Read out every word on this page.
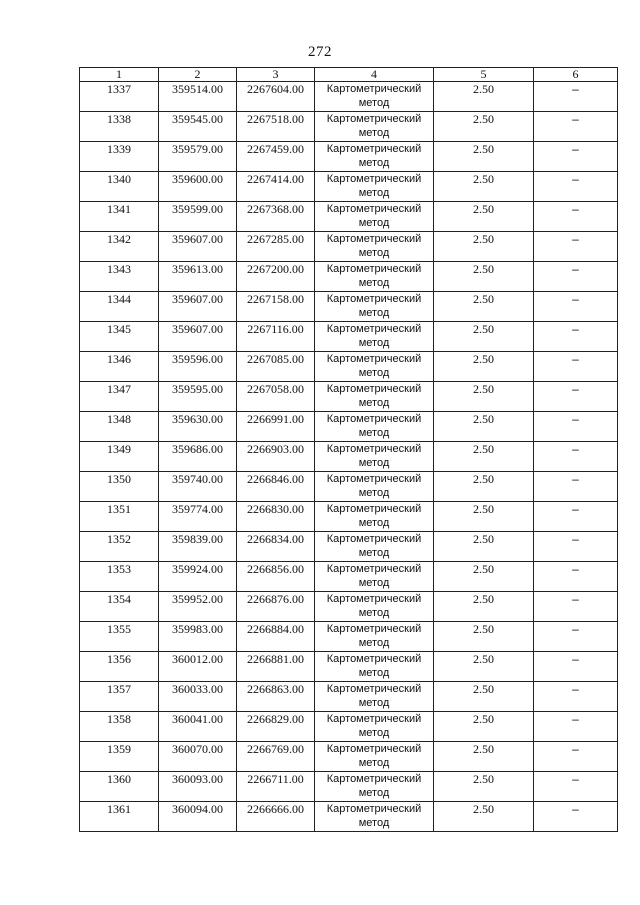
272
1	2	3	4	5	6
1337	359514.00	2267604.00	Картометрический метод	2.50	–
1338	359545.00	2267518.00	Картометрический метод	2.50	–
1339	359579.00	2267459.00	Картометрический метод	2.50	–
1340	359600.00	2267414.00	Картометрический метод	2.50	–
1341	359599.00	2267368.00	Картометрический метод	2.50	–
1342	359607.00	2267285.00	Картометрический метод	2.50	–
1343	359613.00	2267200.00	Картометрический метод	2.50	–
1344	359607.00	2267158.00	Картометрический метод	2.50	–
1345	359607.00	2267116.00	Картометрический метод	2.50	–
1346	359596.00	2267085.00	Картометрический метод	2.50	–
1347	359595.00	2267058.00	Картометрический метод	2.50	–
1348	359630.00	2266991.00	Картометрический метод	2.50	–
1349	359686.00	2266903.00	Картометрический метод	2.50	–
1350	359740.00	2266846.00	Картометрический метод	2.50	–
1351	359774.00	2266830.00	Картометрический метод	2.50	–
1352	359839.00	2266834.00	Картометрический метод	2.50	–
1353	359924.00	2266856.00	Картометрический метод	2.50	–
1354	359952.00	2266876.00	Картометрический метод	2.50	–
1355	359983.00	2266884.00	Картометрический метод	2.50	–
1356	360012.00	2266881.00	Картометрический метод	2.50	–
1357	360033.00	2266863.00	Картометрический метод	2.50	–
1358	360041.00	2266829.00	Картометрический метод	2.50	–
1359	360070.00	2266769.00	Картометрический метод	2.50	–
1360	360093.00	2266711.00	Картометрический метод	2.50	–
1361	360094.00	2266666.00	Картометрический метод	2.50	–
